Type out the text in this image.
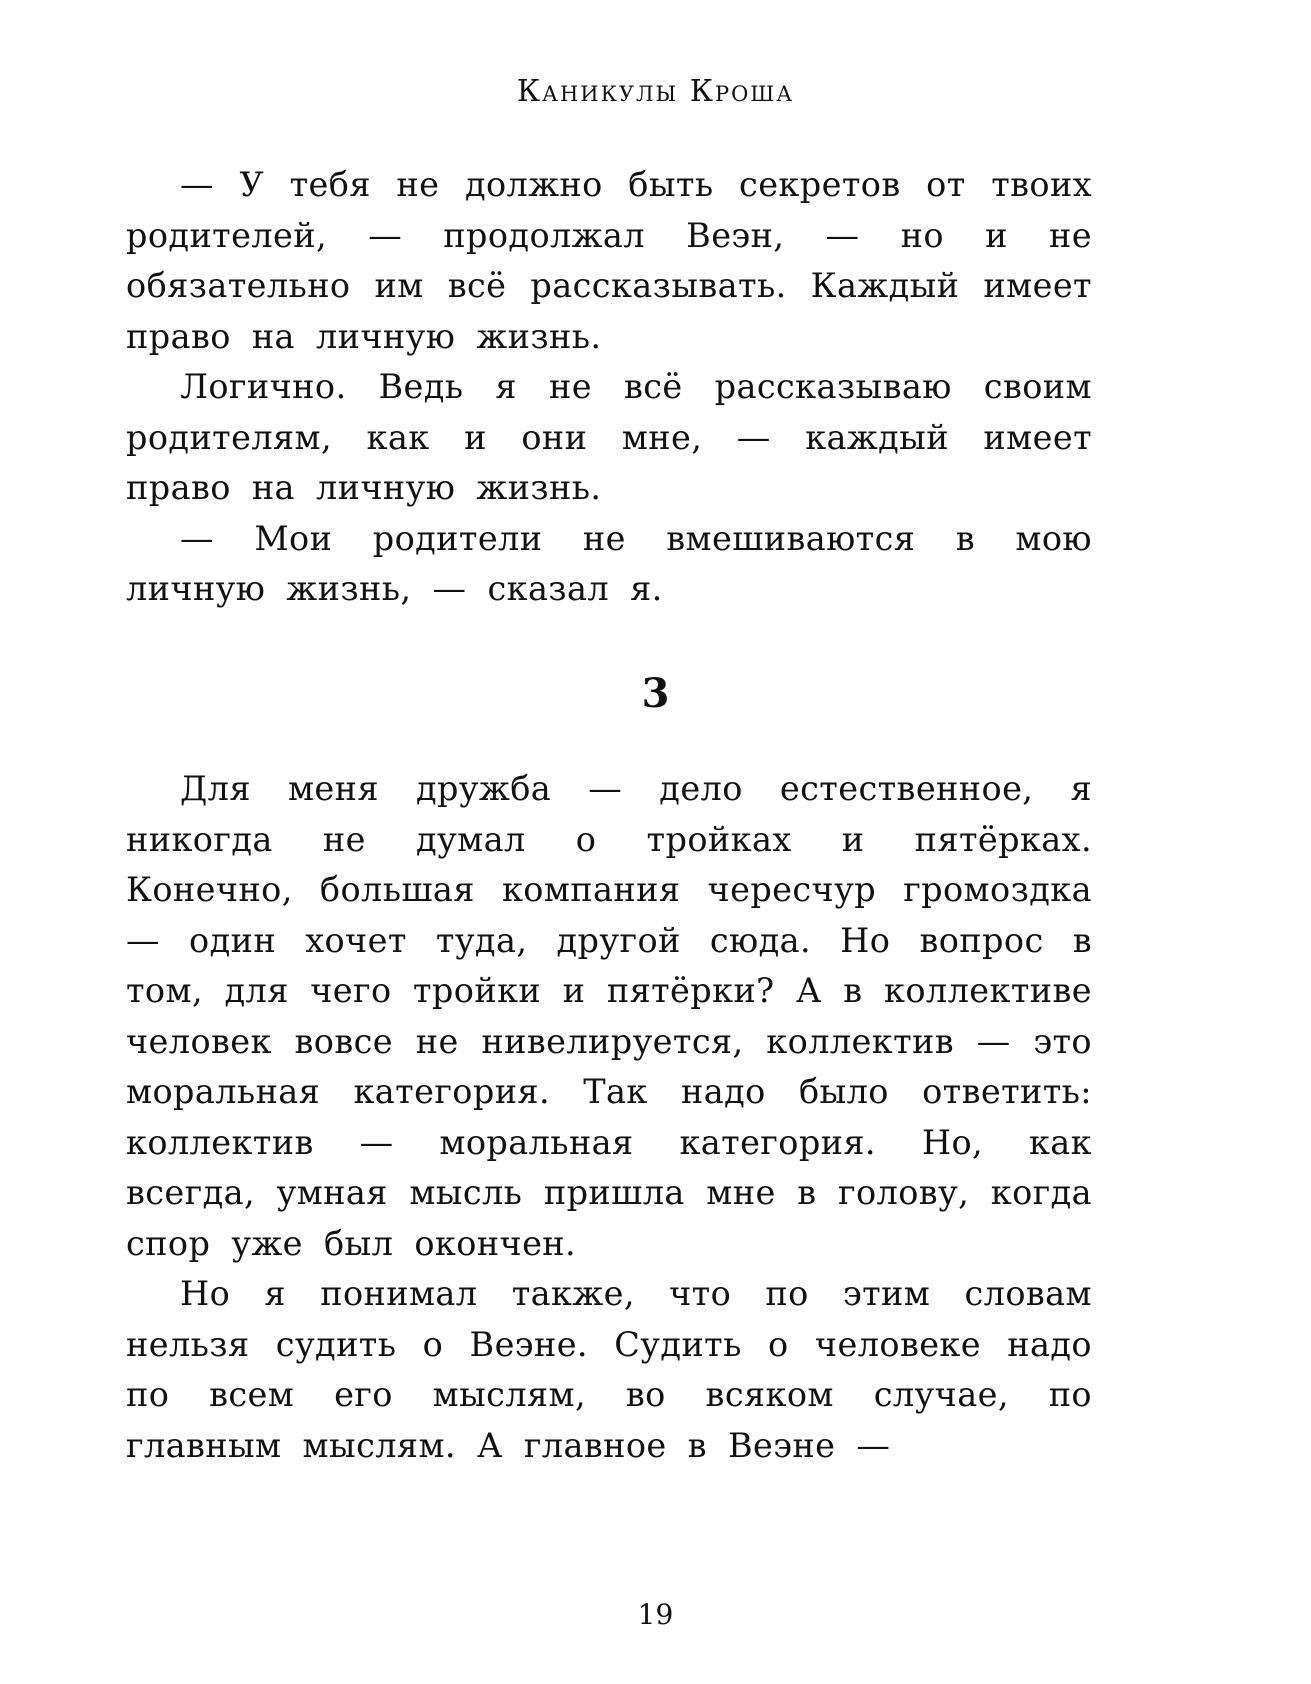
Каникулы Кроша

— У тебя не должно быть секретов от твоих родителей, — продолжал Веэн, — но и не обязательно им всё рассказывать. Каждый имеет право на личную жизнь.

Логично. Ведь я не всё рассказываю своим родителям, как и они мне, — каждый имеет право на личную жизнь.

— Мои родители не вмешиваются в мою личную жизнь, — сказал я.

3

Для меня дружба — дело естественное, я никогда не думал о тройках и пятёрках. Конечно, большая компания чересчур громоздка — один хочет туда, другой сюда. Но вопрос в том, для чего тройки и пятёрки? А в коллективе человек вовсе не нивелируется, коллектив — это моральная категория. Так надо было ответить: коллектив — моральная категория. Но, как всегда, умная мысль пришла мне в голову, когда спор уже был окончен.

Но я понимал также, что по этим словам нельзя судить о Веэне. Судить о человеке надо по всем его мыслям, во всяком случае, по главным мыслям. А главное в Веэне —

19
